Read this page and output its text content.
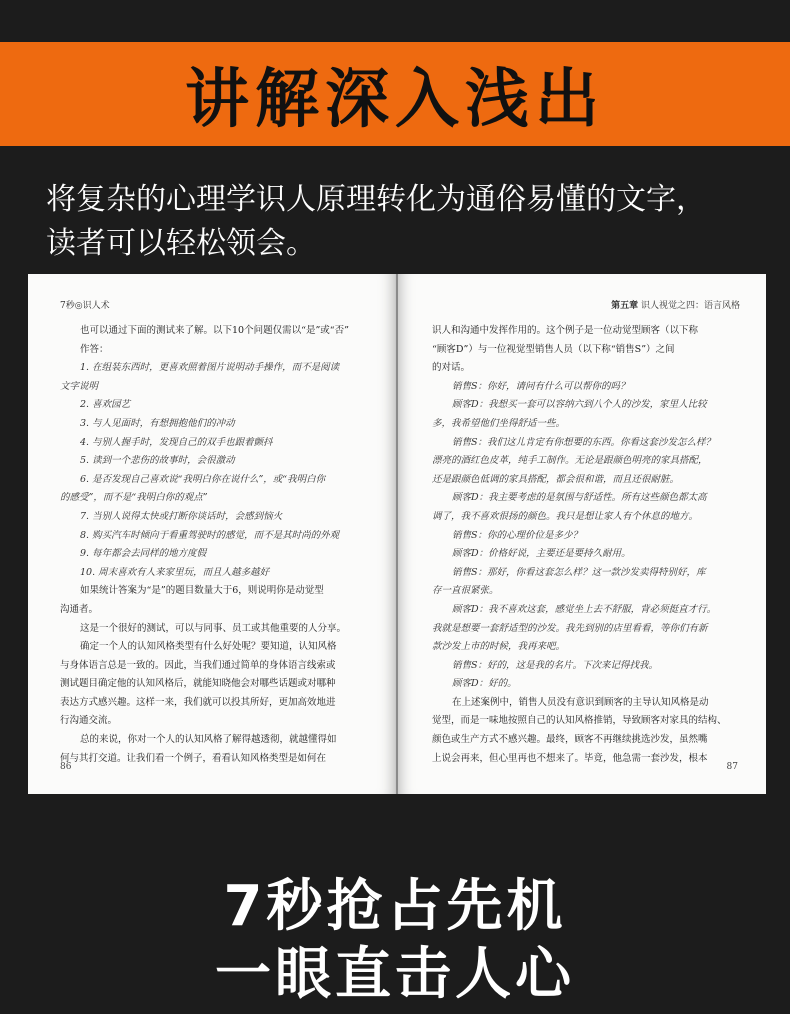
讲解深入浅出
将复杂的心理学识人原理转化为通俗易懂的文字，
读者可以轻松领会。
7秒◎识人术
也可以通过下面的测试来了解。以下10个问题仅需以“是”或“否”
作答：
1. 在组装东西时，更喜欢照着图片说明动手操作，而不是阅读
文字说明
2. 喜欢园艺
3. 与人见面时，有想拥抱他们的冲动
4. 与别人握手时，发现自己的双手也跟着颤抖
5. 读到一个悲伤的故事时，会很激动
6. 是否发现自己喜欢说“我明白你在说什么”，或“我明白你
的感受”，而不是“我明白你的观点”
7. 当别人说得太快或打断你谈话时，会感到恼火
8. 购买汽车时倾向于看重驾驶时的感觉，而不是其时尚的外观
9. 每年都会去同样的地方度假
10. 周末喜欢有人来家里玩，而且人越多越好
如果统计答案为“是”的题目数量大于6，则说明你是动觉型
沟通者。
这是一个很好的测试，可以与同事、员工或其他重要的人分享。
确定一个人的认知风格类型有什么好处呢？要知道，认知风格
与身体语言总是一致的。因此，当我们通过简单的身体语言线索或
测试题目确定他的认知风格后，就能知晓他会对哪些话题或对哪种
表达方式感兴趣。这样一来，我们就可以投其所好，更加高效地进
行沟通交流。
总的来说，你对一个人的认知风格了解得越透彻，就越懂得如
何与其打交道。让我们看一个例子，看看认知风格类型是如何在
86
第五章 识人视觉之四：语言风格
识人和沟通中发挥作用的。这个例子是一位动觉型顾客（以下称
“顾客D”）与一位视觉型销售人员（以下称“销售S”）之间
的对话。
销售S：你好，请问有什么可以帮你的吗？
顾客D：我想买一套可以容纳六到八个人的沙发，家里人比较
多，我希望他们坐得舒适一些。
销售S：我们这儿肯定有你想要的东西。你看这套沙发怎么样？
漂亮的酒红色皮革，纯手工制作。无论是跟颜色明亮的家具搭配，
还是跟颜色低调的家具搭配，都会很和谐，而且还很耐脏。
顾客D：我主要考虑的是氛围与舒适性。所有这些颜色都太高
调了，我不喜欢很扬的颜色。我只是想让家人有个休息的地方。
销售S：你的心理价位是多少？
顾客D：价格好说，主要还是要持久耐用。
销售S：那好，你看这套怎么样？这一款沙发卖得特别好，库
存一直很紧张。
顾客D：我不喜欢这套，感觉坐上去不舒服，背必须挺直才行。
我就是想要一套舒适型的沙发。我先到别的店里看看，等你们有新
款沙发上市的时候，我再来吧。
销售S：好的，这是我的名片。下次来记得找我。
顾客D：好的。
在上述案例中，销售人员没有意识到顾客的主导认知风格是动
觉型，而是一味地按照自己的认知风格推销，导致顾客对家具的结构、
颜色或生产方式不感兴趣。最终，顾客不再继续挑选沙发，虽然嘴
上说会再来，但心里再也不想来了。毕竟，他急需一套沙发，根本
87
7秒抢占先机
一眼直击人心
